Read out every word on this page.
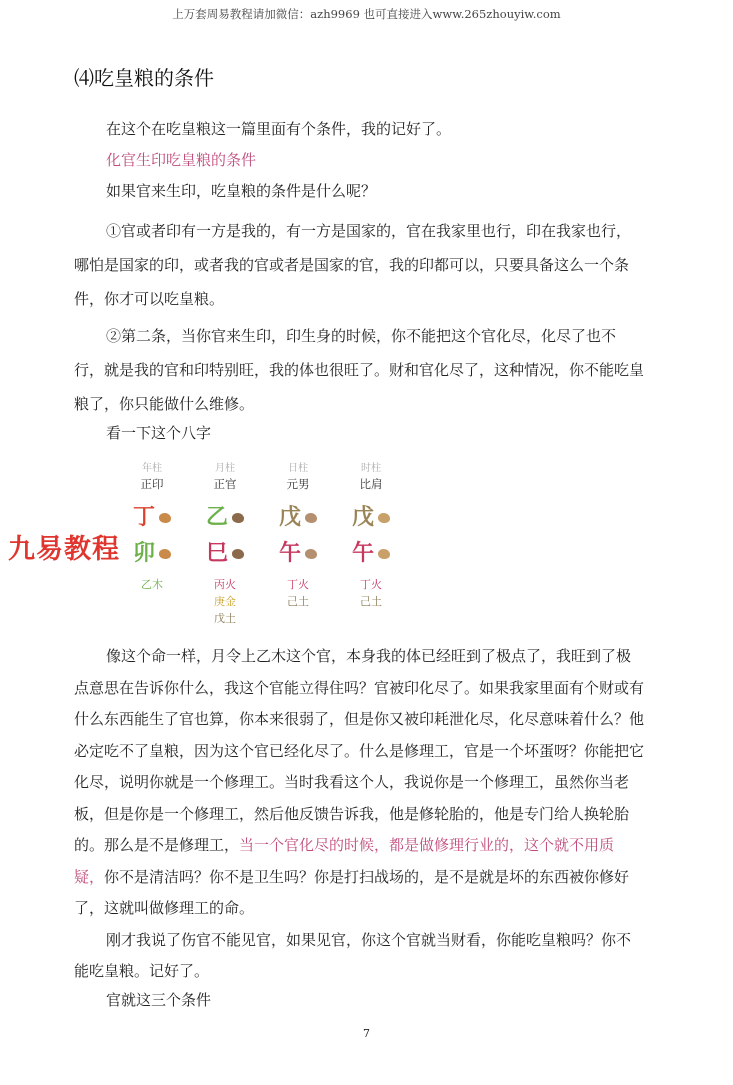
上万套周易教程请加微信：azh9969 也可直接进入www.265zhouyiw.com
⑷吃皇粮的条件
在这个在吃皇粮这一篇里面有个条件，我的记好了。
化官生印吃皇粮的条件
如果官来生印，吃皇粮的条件是什么呢？
①官或者印有一方是我的，有一方是国家的，官在我家里也行，印在我家也行，哪怕是国家的印，或者我的官或者是国家的官，我的印都可以，只要具备这么一个条件，你才可以吃皇粮。
②第二条，当你官来生印，印生身的时候，你不能把这个官化尽，化尽了也不行，就是我的官和印特别旺，我的体也很旺了。财和官化尽了，这种情况，你不能吃皇粮了，你只能做什么维修。
看一下这个八字
九易教程
年柱
正印
丁
卯
乙木
月柱
正官
乙
巳
丙火
庚金
戊土
日柱
元男
戊
午
丁火
己土
时柱
比肩
戊
午
丁火
己土
像这个命一样，月令上乙木这个官，本身我的体已经旺到了极点了，我旺到了极点意思在告诉你什么，我这个官能立得住吗？官被印化尽了。如果我家里面有个财或有什么东西能生了官也算，你本来很弱了，但是你又被印耗泄化尽，化尽意味着什么？他必定吃不了皇粮，因为这个官已经化尽了。什么是修理工，官是一个坏蛋呀？你能把它化尽，说明你就是一个修理工。当时我看这个人，我说你是一个修理工，虽然你当老板，但是你是一个修理工，然后他反馈告诉我，他是修轮胎的，他是专门给人换轮胎的。那么是不是修理工，当一个官化尽的时候，都是做修理行业的，这个就不用质疑，你不是清洁吗？你不是卫生吗？你是打扫战场的，是不是就是坏的东西被你修好了，这就叫做修理工的命。
刚才我说了伤官不能见官，如果见官，你这个官就当财看，你能吃皇粮吗？你不能吃皇粮。记好了。
官就这三个条件
7
